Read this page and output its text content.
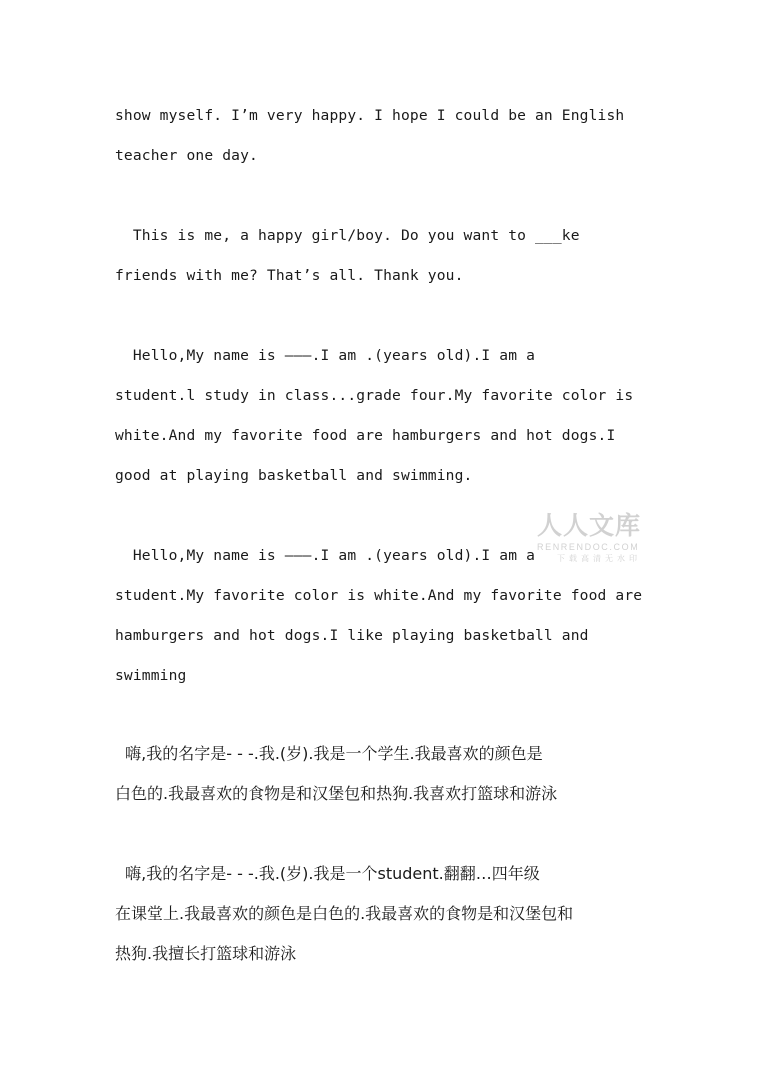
show myself. I’m very happy. I hope I could be an English
teacher one day.
This is me, a happy girl/boy. Do you want to ___ke
friends with me? That’s all. Thank you.
Hello,My name is ———.I am .(years old).I am a
student.l study in class...grade four.My favorite color is
white.And my favorite food are hamburgers and hot dogs.I
good at playing basketball and swimming.
Hello,My name is ———.I am .(years old).I am a
student.My favorite color is white.And my favorite food are
hamburgers and hot dogs.I like playing basketball and
swimming
嗨,我的名字是- - -.我.(岁).我是一个学生.我最喜欢的颜色是
白色的.我最喜欢的食物是和汉堡包和热狗.我喜欢打篮球和游泳
嗨,我的名字是- - -.我.(岁).我是一个student.翻翻…四年级
在课堂上.我最喜欢的颜色是白色的.我最喜欢的食物是和汉堡包和
热狗.我擅长打篮球和游泳
人人文库
RENRENDOC.COM
下载高清无水印
